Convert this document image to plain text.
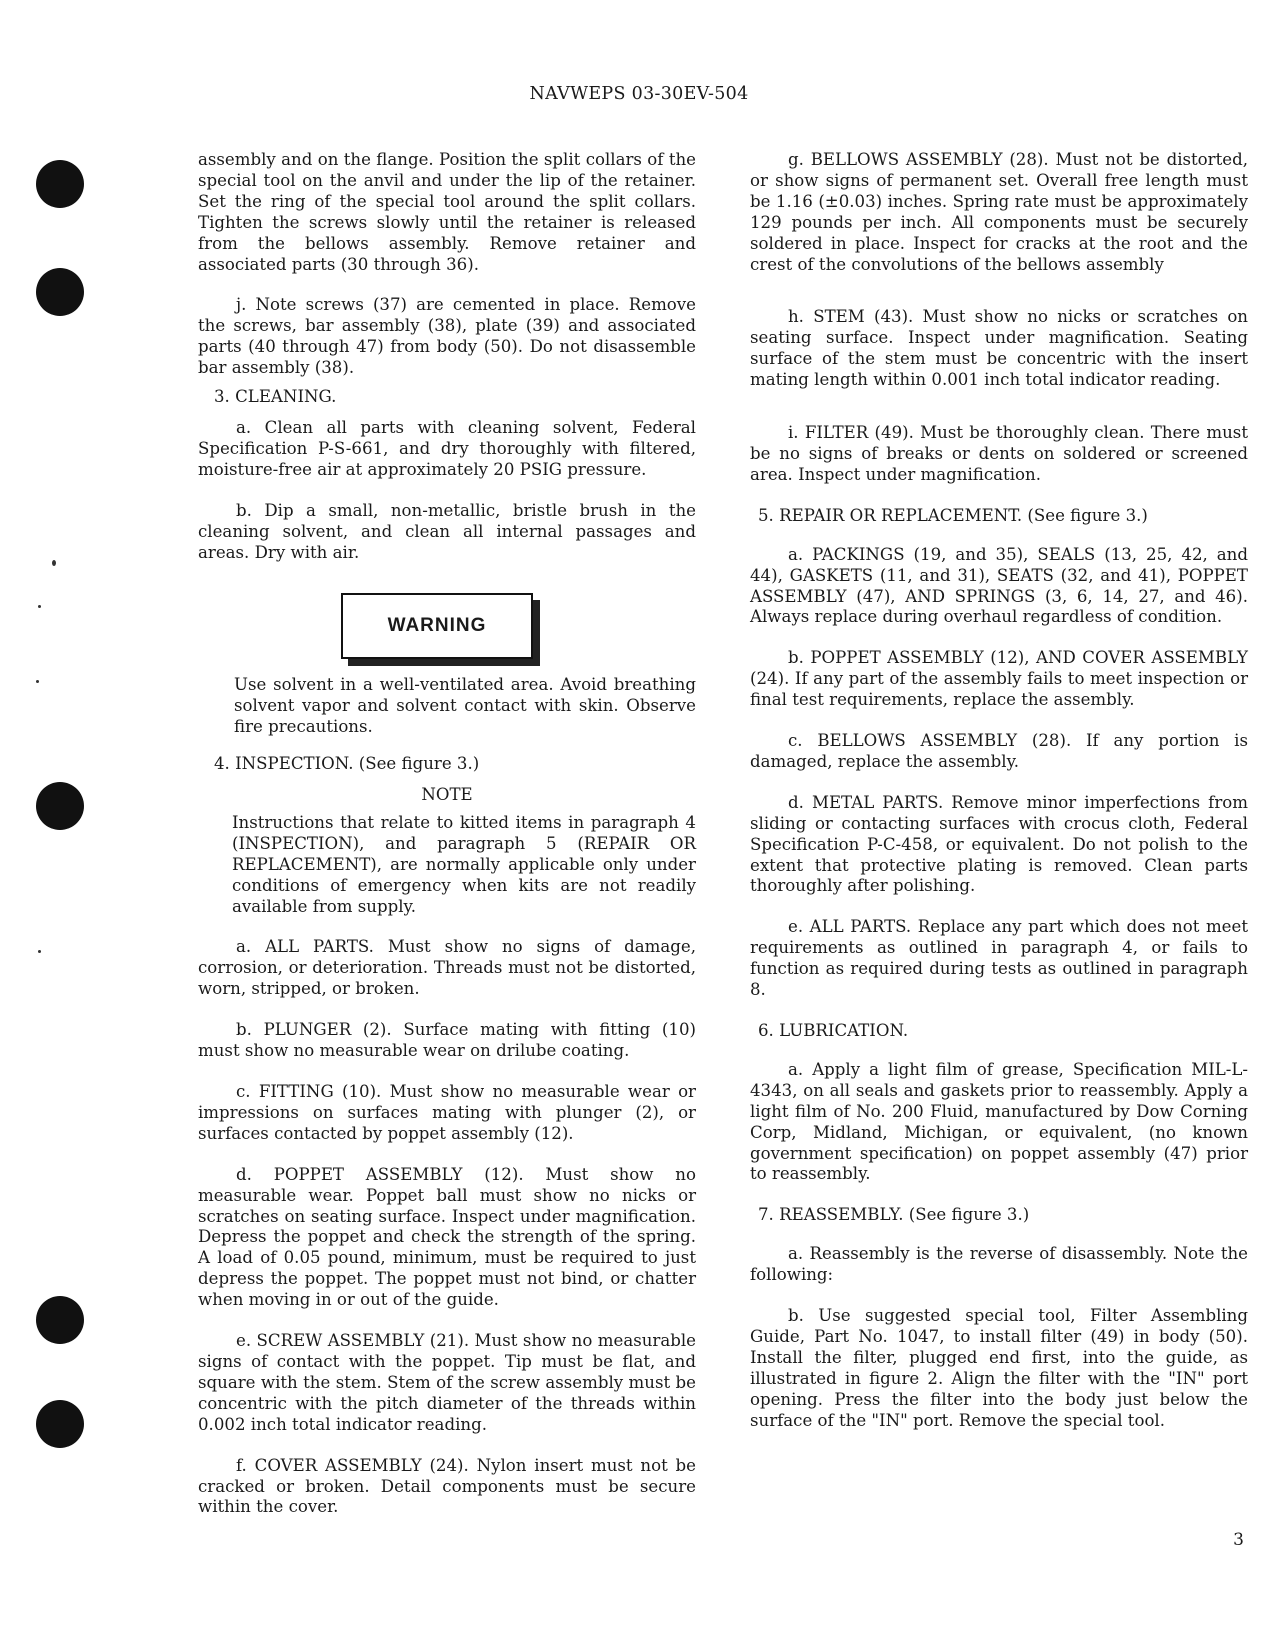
NAVWEPS 03-30EV-504

assembly and on the flange. Position the split collars of the special tool on the anvil and under the lip of the retainer. Set the ring of the special tool around the split collars. Tighten the screws slowly until the retainer is released from the bellows assembly. Remove retainer and associated parts (30 through 36).

j. Note screws (37) are cemented in place. Remove the screws, bar assembly (38), plate (39) and associated parts (40 through 47) from body (50). Do not disassemble bar assembly (38).

3. CLEANING.

a. Clean all parts with cleaning solvent, Federal Specification P-S-661, and dry thoroughly with filtered, moisture-free air at approximately 20 PSIG pressure.

b. Dip a small, non-metallic, bristle brush in the cleaning solvent, and clean all internal passages and areas. Dry with air.

WARNING

Use solvent in a well-ventilated area. Avoid breathing solvent vapor and solvent contact with skin. Observe fire precautions.

4. INSPECTION. (See figure 3.)
NOTE

Instructions that relate to kitted items in paragraph 4 (INSPECTION), and paragraph 5 (REPAIR OR REPLACEMENT), are normally applicable only under conditions of emergency when kits are not readily available from supply.

a. ALL PARTS. Must show no signs of damage, corrosion, or deterioration. Threads must not be distorted, worn, stripped, or broken.

b. PLUNGER (2). Surface mating with fitting (10) must show no measurable wear on drilube coating.

c. FITTING (10). Must show no measurable wear or impressions on surfaces mating with plunger (2), or surfaces contacted by poppet assembly (12).

d. POPPET ASSEMBLY (12). Must show no measurable wear. Poppet ball must show no nicks or scratches on seating surface. Inspect under magnification. Depress the poppet and check the strength of the spring. A load of 0.05 pound, minimum, must be required to just depress the poppet. The poppet must not bind, or chatter when moving in or out of the guide.

e. SCREW ASSEMBLY (21). Must show no measurable signs of contact with the poppet. Tip must be flat, and square with the stem. Stem of the screw assembly must be concentric with the pitch diameter of the threads within 0.002 inch total indicator reading.

f. COVER ASSEMBLY (24). Nylon insert must not be cracked or broken. Detail components must be secure within the cover.

g. BELLOWS ASSEMBLY (28). Must not be distorted, or show signs of permanent set. Overall free length must be 1.16 (±0.03) inches. Spring rate must be approximately 129 pounds per inch. All components must be securely soldered in place. Inspect for cracks at the root and the crest of the convolutions of the bellows assembly

h. STEM (43). Must show no nicks or scratches on seating surface. Inspect under magnification. Seating surface of the stem must be concentric with the insert mating length within 0.001 inch total indicator reading.

i. FILTER (49). Must be thoroughly clean. There must be no signs of breaks or dents on soldered or screened area. Inspect under magnification.

5. REPAIR OR REPLACEMENT. (See figure 3.)

a. PACKINGS (19, and 35), SEALS (13, 25, 42, and 44), GASKETS (11, and 31), SEATS (32, and 41), POPPET ASSEMBLY (47), AND SPRINGS (3, 6, 14, 27, and 46). Always replace during overhaul regardless of condition.

b. POPPET ASSEMBLY (12), AND COVER ASSEMBLY (24). If any part of the assembly fails to meet inspection or final test requirements, replace the assembly.

c. BELLOWS ASSEMBLY (28). If any portion is damaged, replace the assembly.

d. METAL PARTS. Remove minor imperfections from sliding or contacting surfaces with crocus cloth, Federal Specification P-C-458, or equivalent. Do not polish to the extent that protective plating is removed. Clean parts thoroughly after polishing.

e. ALL PARTS. Replace any part which does not meet requirements as outlined in paragraph 4, or fails to function as required during tests as outlined in paragraph 8.

6. LUBRICATION.

a. Apply a light film of grease, Specification MIL-L-4343, on all seals and gaskets prior to reassembly. Apply a light film of No. 200 Fluid, manufactured by Dow Corning Corp, Midland, Michigan, or equivalent, (no known government specification) on poppet assembly (47) prior to reassembly.

7. REASSEMBLY. (See figure 3.)

a. Reassembly is the reverse of disassembly. Note the following:

b. Use suggested special tool, Filter Assembling Guide, Part No. 1047, to install filter (49) in body (50). Install the filter, plugged end first, into the guide, as illustrated in figure 2. Align the filter with the "IN" port opening. Press the filter into the body just below the surface of the "IN" port. Remove the special tool.

3
